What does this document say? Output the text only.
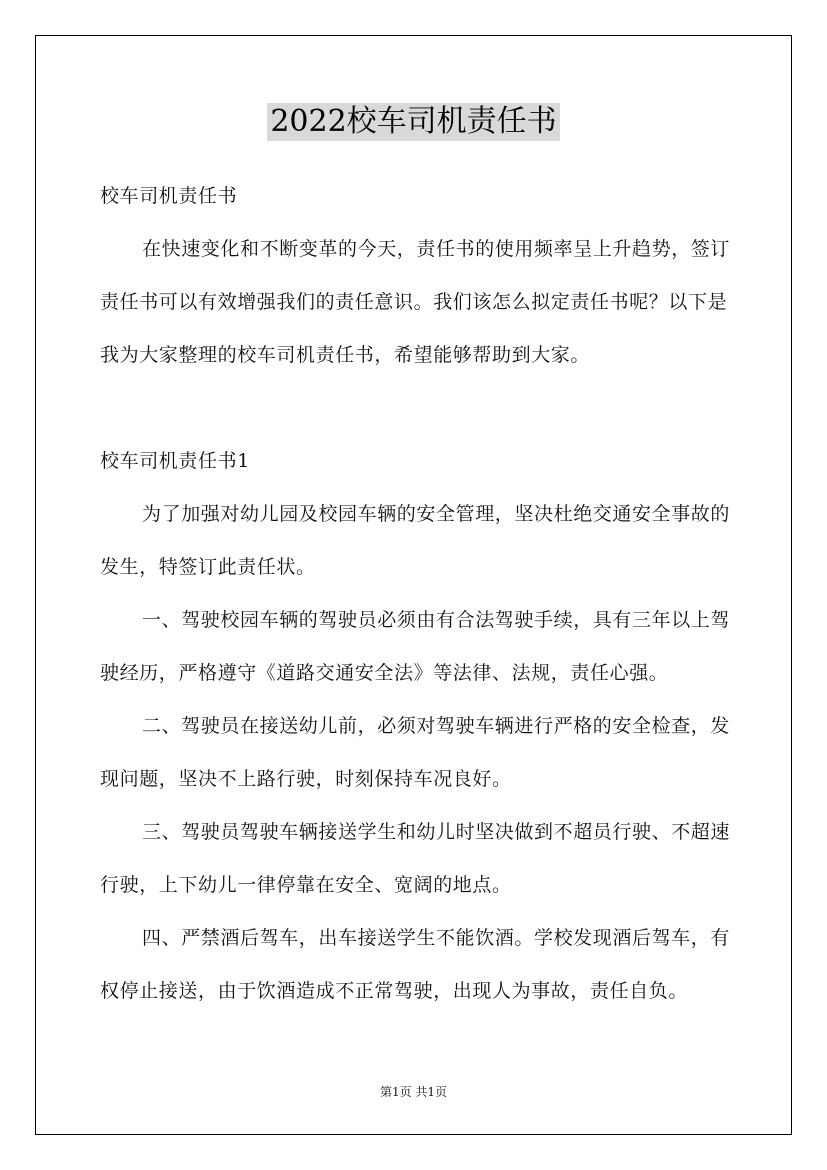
2022校车司机责任书

校车司机责任书

在快速变化和不断变革的今天，责任书的使用频率呈上升趋势，签订责任书可以有效增强我们的责任意识。我们该怎么拟定责任书呢？以下是我为大家整理的校车司机责任书，希望能够帮助到大家。

校车司机责任书1

为了加强对幼儿园及校园车辆的安全管理，坚决杜绝交通安全事故的发生，特签订此责任状。

一、驾驶校园车辆的驾驶员必须由有合法驾驶手续，具有三年以上驾驶经历，严格遵守《道路交通安全法》等法律、法规，责任心强。

二、驾驶员在接送幼儿前，必须对驾驶车辆进行严格的安全检查，发现问题，坚决不上路行驶，时刻保持车况良好。

三、驾驶员驾驶车辆接送学生和幼儿时坚决做到不超员行驶、不超速行驶，上下幼儿一律停靠在安全、宽阔的地点。

四、严禁酒后驾车，出车接送学生不能饮酒。学校发现酒后驾车，有权停止接送，由于饮酒造成不正常驾驶，出现人为事故，责任自负。

第1页 共1页
